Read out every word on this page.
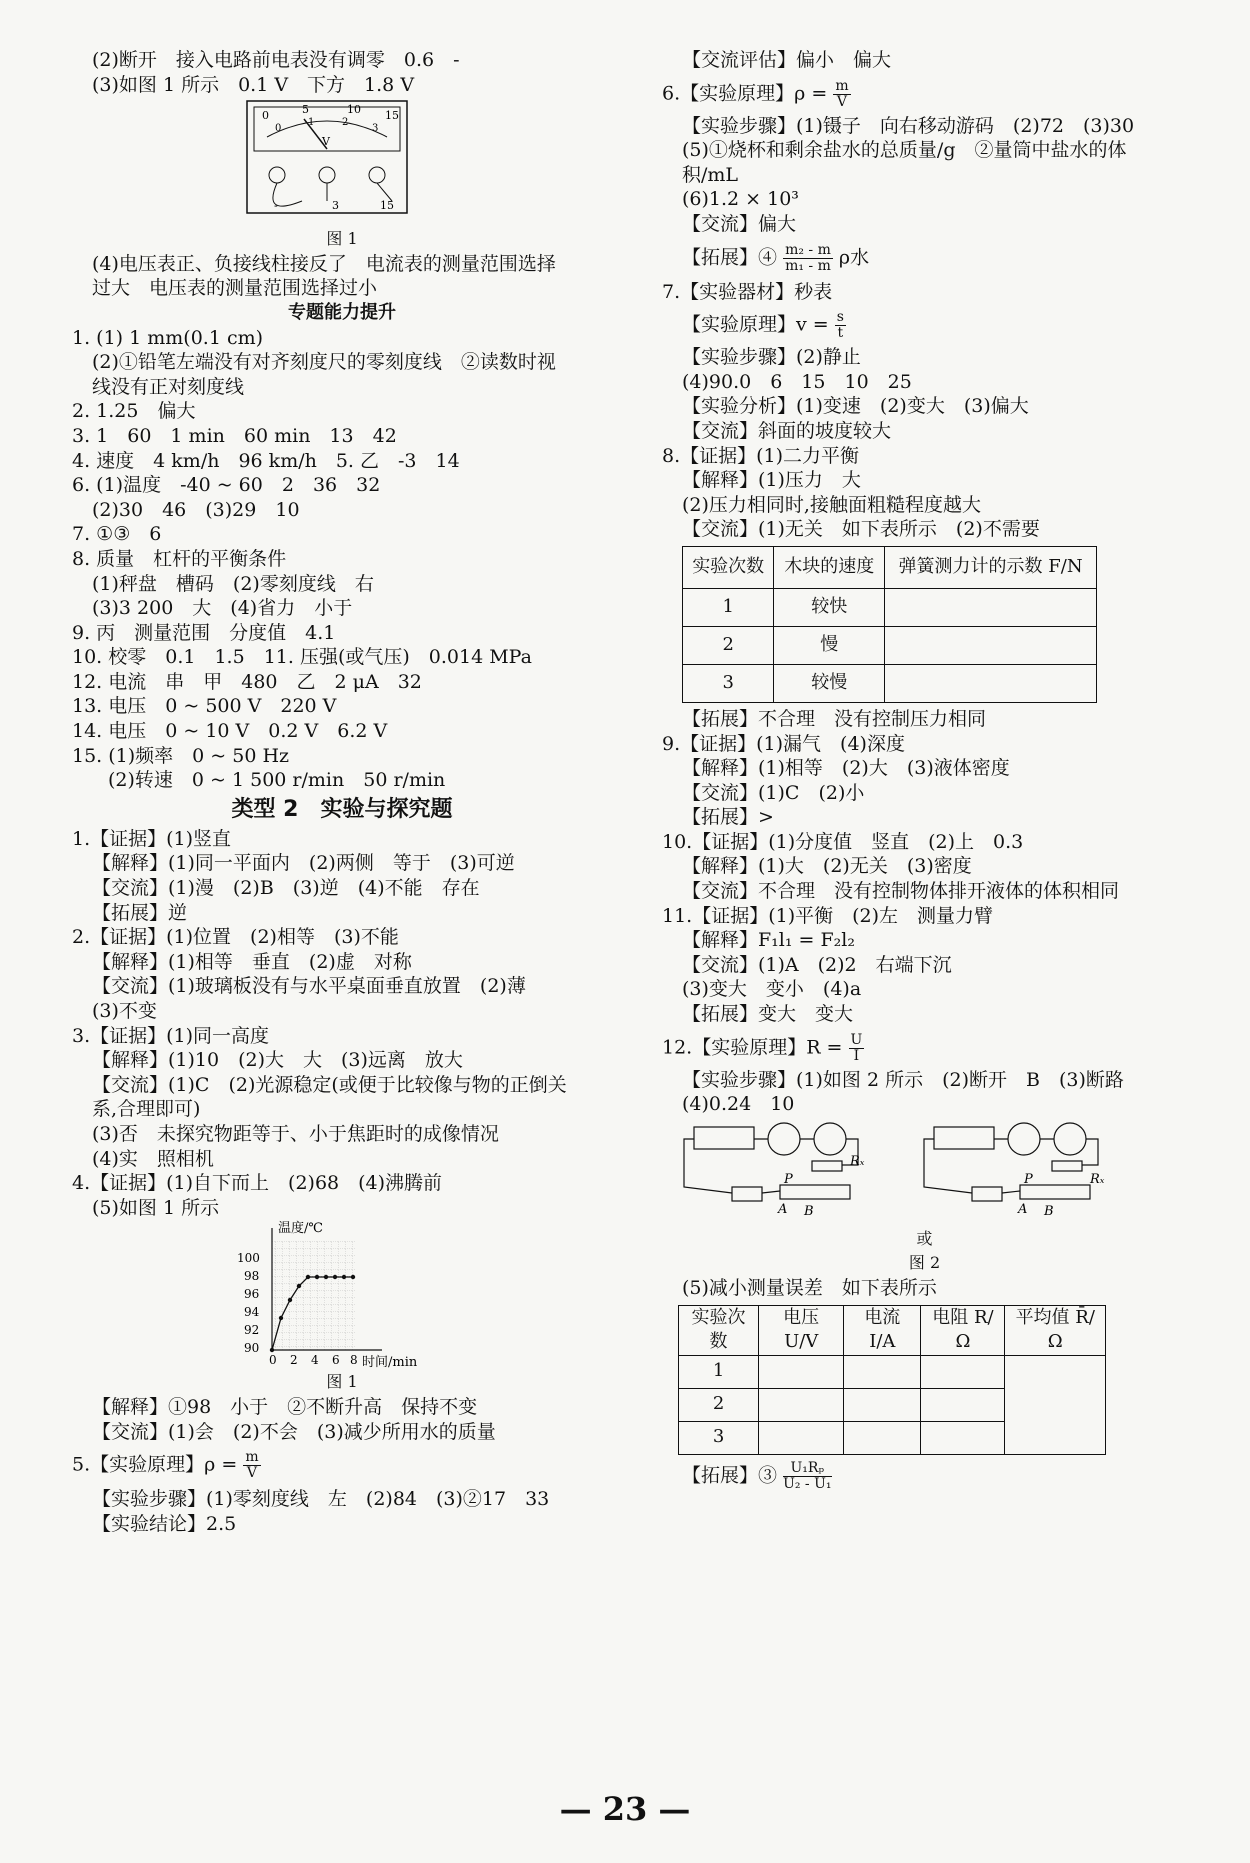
(2)断开　接入电路前电表没有调零　0.6　-
(3)如图 1 所示　0.1 V　下方　1.8 V
0	5	10 15
0
1	2
3
V
-	3	15
图 1
(4)电压表正、负接线柱接反了　电流表的测量范围选择
过大　电压表的测量范围选择过小
专题能力提升
1. (1) 1 mm(0.1 cm)
(2)①铅笔左端没有对齐刻度尺的零刻度线　②读数时视
线没有正对刻度线
2. 1.25　偏大
3. 1　60　1 min　60 min　13　42
4. 速度　4 km/h　96 km/h　5. 乙　-3　14
6. (1)温度　-40 ~ 60　2　36　32
(2)30　46　(3)29　10
7. ①③　6
8. 质量　杠杆的平衡条件
(1)秤盘　槽码　(2)零刻度线　右
(3)3 200　大　(4)省力　小于
9. 丙　测量范围　分度值　4.1
10. 校零　0.1　1.5　11. 压强(或气压)　0.014 MPa
12. 电流　串　甲　480　乙　2 μA　32
13. 电压　0 ~ 500 V　220 V
14. 电压　0 ~ 10 V　0.2 V　6.2 V
15. (1)频率　0 ~ 50 Hz
(2)转速　0 ~ 1 500 r/min　50 r/min
类型 2　实验与探究题
1.【证据】(1)竖直
【解释】(1)同一平面内　(2)两侧　等于　(3)可逆
【交流】(1)漫　(2)B　(3)逆　(4)不能　存在
【拓展】逆
2.【证据】(1)位置　(2)相等　(3)不能
【解释】(1)相等　垂直　(2)虚　对称
【交流】(1)玻璃板没有与水平桌面垂直放置　(2)薄
(3)不变
3.【证据】(1)同一高度
【解释】(1)10　(2)大　大　(3)远离　放大
【交流】(1)C　(2)光源稳定(或便于比较像与物的正倒关
系,合理即可)
(3)否　未探究物距等于、小于焦距时的成像情况
(4)实　照相机
4.【证据】(1)自下而上　(2)68　(4)沸腾前
(5)如图 1 所示
温度/℃
时间/min
90
92
94
96
98
100
0 2 4 6 8
图 1
【解释】①98　小于　②不断升高　保持不变
【交流】(1)会　(2)不会　(3)减少所用水的质量
5.【实验原理】$\rho = \frac{m}{V}$
【实验步骤】(1)零刻度线　左　(2)84　(3)②17　33
【实验结论】2.5
【交流评估】偏小　偏大
6.【实验原理】$\rho = \frac{m}{V}$
【实验步骤】(1)镊子　向右移动游码　(2)72　(3)30
(5)①烧杯和剩余盐水的总质量/g　②量筒中盐水的体
积/mL
(6)1.2 × 10³
【交流】偏大
【拓展】④ $\frac{\text{m₂ - m}}{\text{m₁ - m}}$ ρ水
7.【实验器材】秒表
【实验原理】$v = \frac{s}{t}$
【实验步骤】(2)静止
(4)90.0　6　15　10　25
【实验分析】(1)变速　(2)变大　(3)偏大
【交流】斜面的坡度较大
8.【证据】(1)二力平衡
【解释】(1)压力　大
(2)压力相同时,接触面粗糙程度越大
【交流】(1)无关　如下表所示　(2)不需要
实验次数	木块的速度	弹簧测力计的示数 F/N
1	较快	
2	慢	
3	较慢	
【拓展】不合理　没有控制压力相同
9.【证据】(1)漏气　(4)深度
【解释】(1)相等　(2)大　(3)液体密度
【交流】(1)C　(2)小
【拓展】>
10.【证据】(1)分度值　竖直　(2)上　0.3
【解释】(1)大　(2)无关　(3)密度
【交流】不合理　没有控制物体排开液体的体积相同
11.【证据】(1)平衡　(2)左　测量力臂
【解释】F₁l₁ = F₂l₂
【交流】(1)A　(2)2　右端下沉
(3)变大　变小　(4)a
【拓展】变大　变大
12.【实验原理】$R = \frac{U}{I}$
【实验步骤】(1)如图 2 所示　(2)断开　B　(3)断路
(4)0.24　10
P
A B
Rₓ
P
A B
Rₓ
或
图 2
(5)减小测量误差　如下表所示
实验次数	电压 U/V	电流 I/A	电阻 R/Ω	平均值 R̄/Ω
1				
2				
3				
【拓展】③ $\frac{\text{U₁Rₚ}}{\text{U₂ - U₁}}$
— 23 —
